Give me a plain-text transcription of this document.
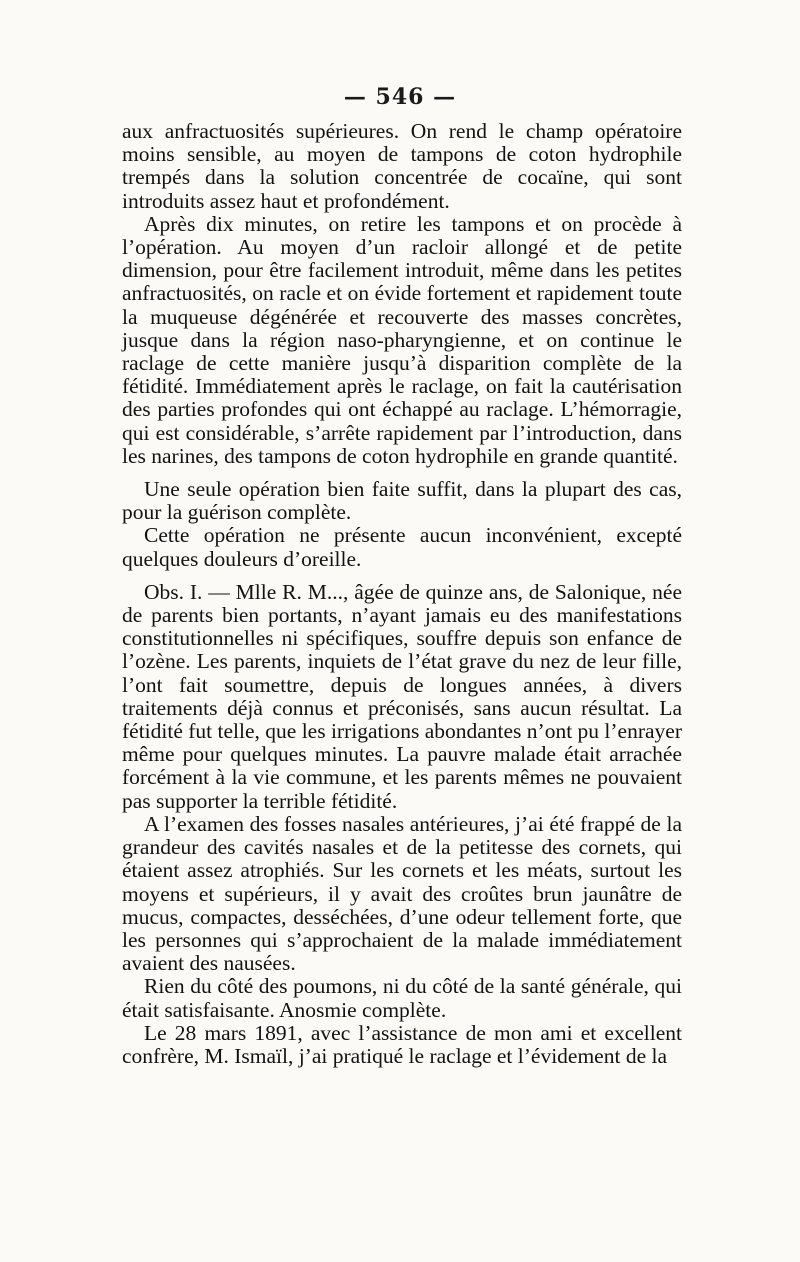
— 546 —

aux anfractuosités supérieures. On rend le champ opératoire moins sensible, au moyen de tampons de coton hydrophile trempés dans la solution concentrée de cocaïne, qui sont introduits assez haut et profondément.

Après dix minutes, on retire les tampons et on procède à l’opération. Au moyen d’un racloir allongé et de petite dimension, pour être facilement introduit, même dans les petites anfractuosités, on racle et on évide fortement et rapidement toute la muqueuse dégénérée et recouverte des masses concrètes, jusque dans la région naso-pharyngienne, et on continue le raclage de cette manière jusqu’à disparition complète de la fétidité. Immédiatement après le raclage, on fait la cautérisation des parties profondes qui ont échappé au raclage. L’hémorragie, qui est considérable, s’arrête rapidement par l’introduction, dans les narines, des tampons de coton hydrophile en grande quantité.

Une seule opération bien faite suffit, dans la plupart des cas, pour la guérison complète.

Cette opération ne présente aucun inconvénient, excepté quelques douleurs d’oreille.

Obs. I. — Mlle R. M..., âgée de quinze ans, de Salonique, née de parents bien portants, n’ayant jamais eu des manifestations constitutionnelles ni spécifiques, souffre depuis son enfance de l’ozène. Les parents, inquiets de l’état grave du nez de leur fille, l’ont fait soumettre, depuis de longues années, à divers traitements déjà connus et préconisés, sans aucun résultat. La fétidité fut telle, que les irrigations abondantes n’ont pu l’enrayer même pour quelques minutes. La pauvre malade était arrachée forcément à la vie commune, et les parents mêmes ne pouvaient pas supporter la terrible fétidité.

A l’examen des fosses nasales antérieures, j’ai été frappé de la grandeur des cavités nasales et de la petitesse des cornets, qui étaient assez atrophiés. Sur les cornets et les méats, surtout les moyens et supérieurs, il y avait des croûtes brun jaunâtre de mucus, compactes, desséchées, d’une odeur tellement forte, que les personnes qui s’approchaient de la malade immédiatement avaient des nausées.

Rien du côté des poumons, ni du côté de la santé générale, qui était satisfaisante. Anosmie complète.

Le 28 mars 1891, avec l’assistance de mon ami et excellent confrère, M. Ismaïl, j’ai pratiqué le raclage et l’évidement de la
